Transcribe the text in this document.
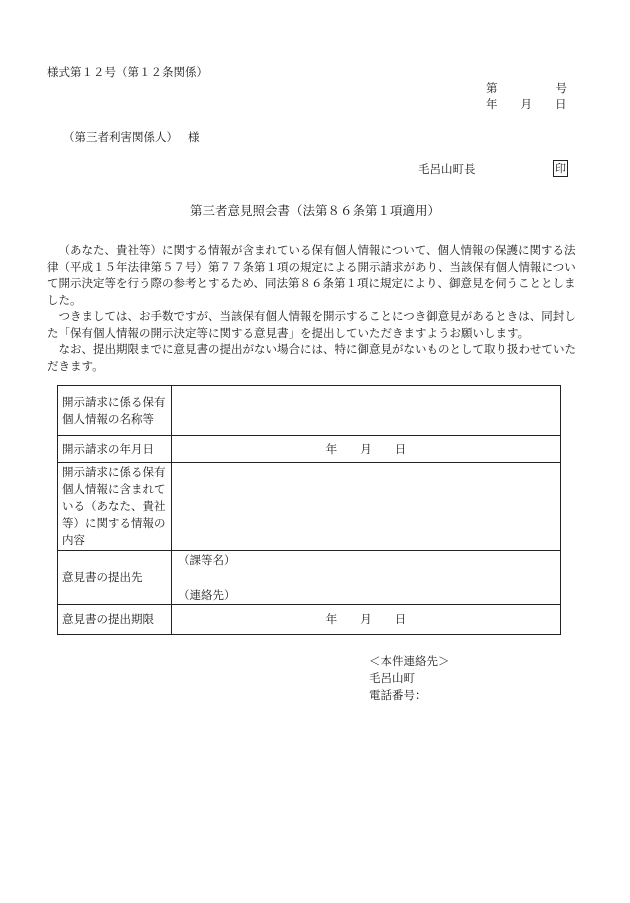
様式第１２号（第１２条関係）
第	号
年 月 日
（第三者利害関係人） 様
毛呂山町長	印
第三者意見照会書（法第８６条第１項適用）

（あなた、貴社等）に関する情報が含まれている保有個人情報について、個人情報の保護に関する法律（平成１５年法律第５７号）第７７条第１項の規定による開示請求があり、当該保有個人情報について開示決定等を行う際の参考とするため、同法第８６条第１項に規定により、御意見を伺うこととしました。

つきましては、お手数ですが、当該保有個人情報を開示することにつき御意見があるときは、同封した「保有個人情報の開示決定等に関する意見書」を提出していただきますようお願いします。

なお、提出期限までに意見書の提出がない場合には、特に御意見がないものとして取り扱わせていただきます。

開示請求に係る保有個人情報の名称等	
開示請求の年月日	年 月 日
開示請求に係る保有個人情報に含まれている（あなた、貴社等）に関する情報の内容	
意見書の提出先	（課等名）
（連絡先）

意見書の提出期限	年 月 日
＜本件連絡先＞
毛呂山町
電話番号：
